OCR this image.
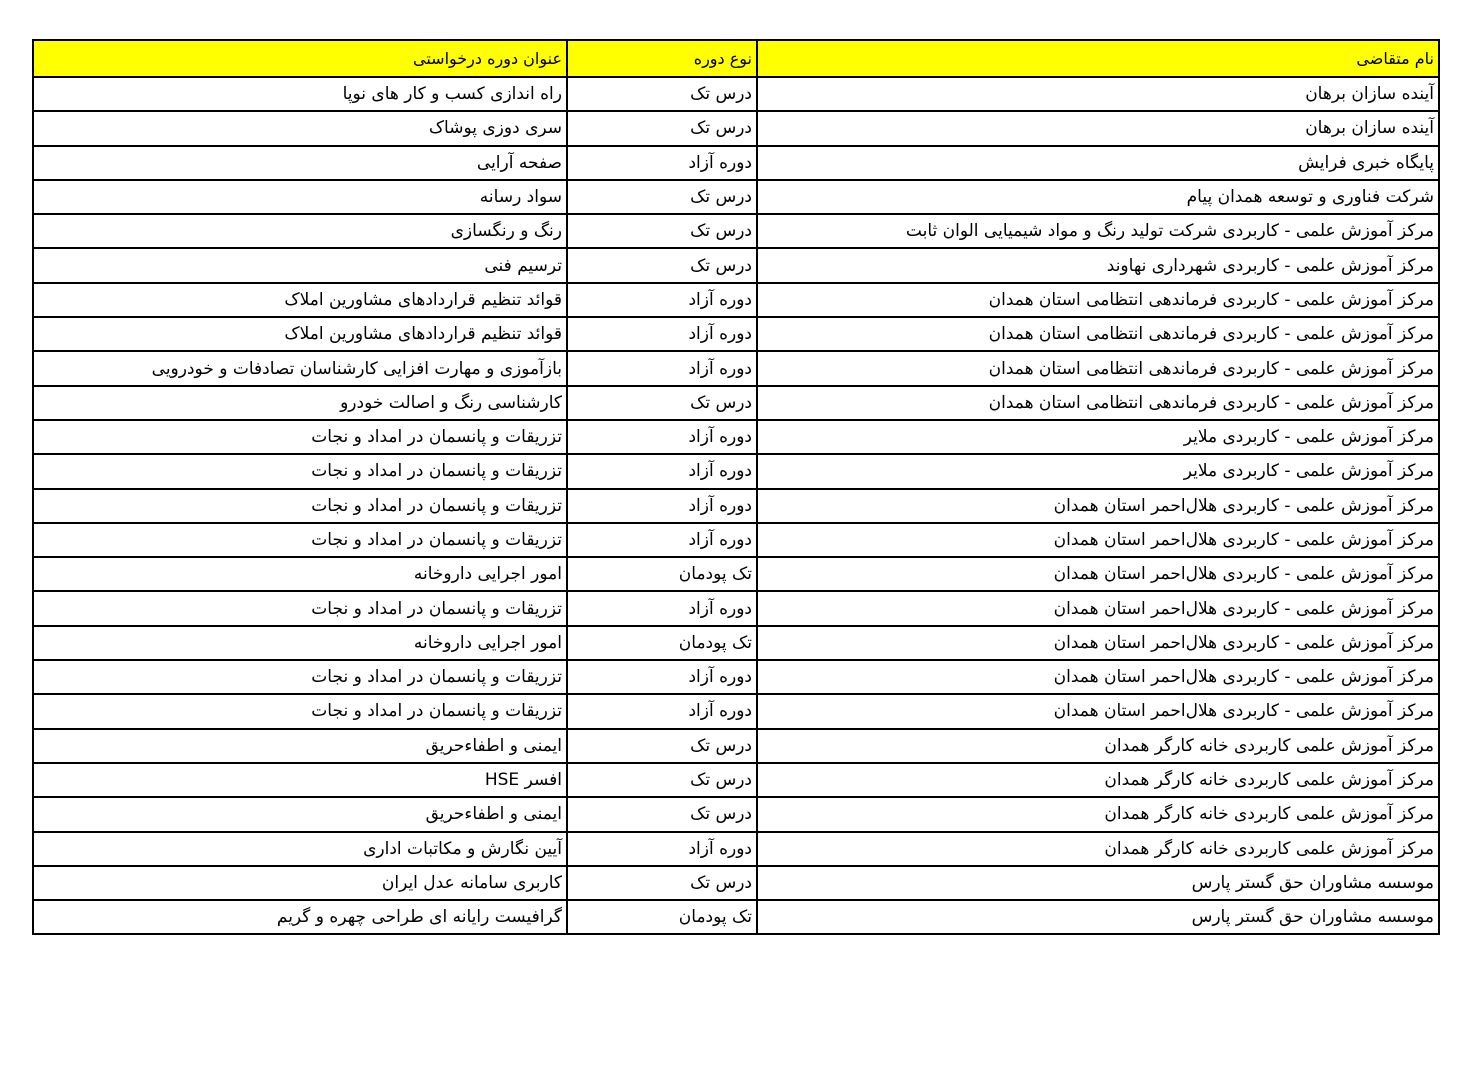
نام متقاضی	نوع دوره	عنوان دوره درخواستی
آینده سازان برهان	درس تک	راه اندازی کسب و کار های نوپا
آینده سازان برهان	درس تک	سری دوزی پوشاک
پایگاه خبری فرایش	دوره آزاد	صفحه آرایی
شرکت فناوری و توسعه همدان پیام	درس تک	سواد رسانه
مرکز آموزش علمی - کاربردی شرکت تولید رنگ و مواد شیمیایی الوان ثابت	درس تک	رنگ و رنگسازی
مرکز آموزش علمی - کاربردی شهرداری نهاوند	درس تک	ترسیم فنی
مرکز آموزش علمی - کاربردی فرماندهی انتظامی استان همدان	دوره آزاد	قوائد تنظیم قراردادهای مشاورین املاک
مرکز آموزش علمی - کاربردی فرماندهی انتظامی استان همدان	دوره آزاد	قوائد تنظیم قراردادهای مشاورین املاک
مرکز آموزش علمی - کاربردی فرماندهی انتظامی استان همدان	دوره آزاد	بازآموزی و مهارت افزایی کارشناسان تصادفات و خودرویی
مرکز آموزش علمی - کاربردی فرماندهی انتظامی استان همدان	درس تک	کارشناسی رنگ و اصالت خودرو
مرکز آموزش علمی - کاربردی ملایر	دوره آزاد	تزریقات و پانسمان در امداد و نجات
مرکز آموزش علمی - کاربردی ملایر	دوره آزاد	تزریقات و پانسمان در امداد و نجات
مرکز آموزش علمی - کاربردی هلال‌احمر استان همدان	دوره آزاد	تزریقات و پانسمان در امداد و نجات
مرکز آموزش علمی - کاربردی هلال‌احمر استان همدان	دوره آزاد	تزریقات و پانسمان در امداد و نجات
مرکز آموزش علمی - کاربردی هلال‌احمر استان همدان	تک پودمان	امور اجرایی داروخانه
مرکز آموزش علمی - کاربردی هلال‌احمر استان همدان	دوره آزاد	تزریقات و پانسمان در امداد و نجات
مرکز آموزش علمی - کاربردی هلال‌احمر استان همدان	تک پودمان	امور اجرایی داروخانه
مرکز آموزش علمی - کاربردی هلال‌احمر استان همدان	دوره آزاد	تزریقات و پانسمان در امداد و نجات
مرکز آموزش علمی - کاربردی هلال‌احمر استان همدان	دوره آزاد	تزریقات و پانسمان در امداد و نجات
مرکز آموزش علمی کاربردی خانه کارگر همدان	درس تک	ایمنی و اطفاءحریق
مرکز آموزش علمی کاربردی خانه کارگر همدان	درس تک	افسر HSE
مرکز آموزش علمی کاربردی خانه کارگر همدان	درس تک	ایمنی و اطفاءحریق
مرکز آموزش علمی کاربردی خانه کارگر همدان	دوره آزاد	آیین نگارش و مکاتبات اداری
موسسه مشاوران حق گستر پارس	درس تک	کاربری سامانه عدل ایران
موسسه مشاوران حق گستر پارس	تک پودمان	گرافیست رایانه ای طراحی چهره و گریم
